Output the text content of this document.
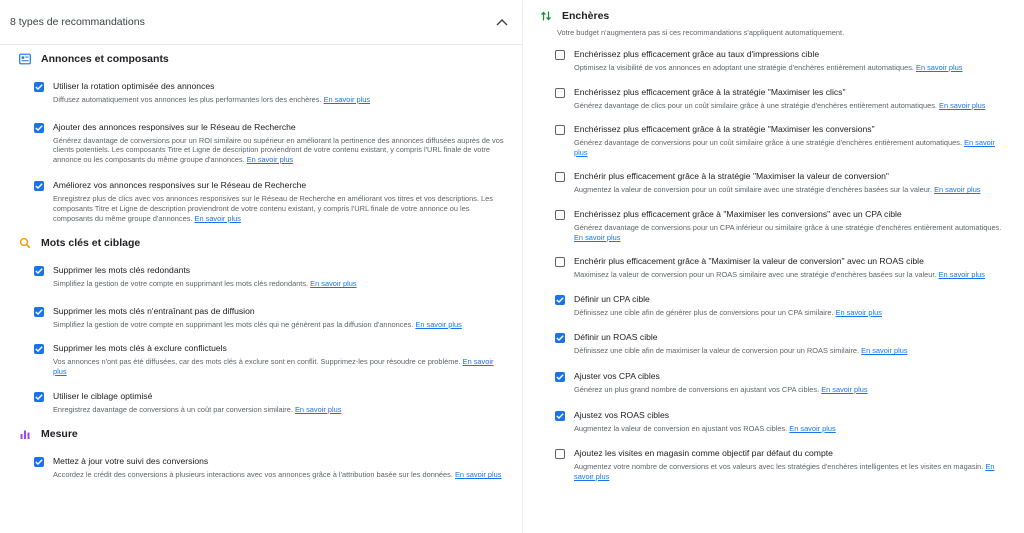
8 types de recommandations
Annonces et composants
Utiliser la rotation optimisée des annonces
Diffusez automatiquement vos annonces les plus performantes lors des enchères. En savoir plus
Ajouter des annonces responsives sur le Réseau de Recherche
Générez davantage de conversions pour un ROI similaire ou supérieur en améliorant la pertinence des annonces diffusées auprès de vos clients potentiels. Les composants Titre et Ligne de description proviendront de votre contenu existant, y compris l'URL finale de votre annonce ou les composants du même groupe d'annonces. En savoir plus
Améliorez vos annonces responsives sur le Réseau de Recherche
Enregistrez plus de clics avec vos annonces responsives sur le Réseau de Recherche en améliorant vos titres et vos descriptions. Les composants Titre et Ligne de description proviendront de votre contenu existant, y compris l'URL finale de votre annonce ou les composants du même groupe d'annonces. En savoir plus
Mots clés et ciblage
Supprimer les mots clés redondants
Simplifiez la gestion de votre compte en supprimant les mots clés redondants. En savoir plus
Supprimer les mots clés n'entraînant pas de diffusion
Simplifiez la gestion de votre compte en supprimant les mots clés qui ne génèrent pas la diffusion d'annonces. En savoir plus
Supprimer les mots clés à exclure conflictuels
Vos annonces n'ont pas été diffusées, car des mots clés à exclure sont en conflit. Supprimez-les pour résoudre ce problème. En savoir plus
Utiliser le ciblage optimisé
Enregistrez davantage de conversions à un coût par conversion similaire. En savoir plus
Mesure
Mettez à jour votre suivi des conversions
Accordez le crédit des conversions à plusieurs interactions avec vos annonces grâce à l'attribution basée sur les données. En savoir plus
Enchères
Votre budget n'augmentera pas si ces recommandations s'appliquent automatiquement.
Enchérissez plus efficacement grâce au taux d'impressions cible
Optimisez la visibilité de vos annonces en adoptant une stratégie d'enchères entièrement automatiques. En savoir plus
Enchérissez plus efficacement grâce à la stratégie "Maximiser les clics"
Générez davantage de clics pour un coût similaire grâce à une stratégie d'enchères entièrement automatiques. En savoir plus
Enchérissez plus efficacement grâce à la stratégie "Maximiser les conversions"
Générez davantage de conversions pour un coût similaire grâce à une stratégie d'enchères entièrement automatiques. En savoir plus
Enchérir plus efficacement grâce à la stratégie "Maximiser la valeur de conversion"
Augmentez la valeur de conversion pour un coût similaire avec une stratégie d'enchères basées sur la valeur. En savoir plus
Enchérissez plus efficacement grâce à "Maximiser les conversions" avec un CPA cible
Générez davantage de conversions pour un CPA inférieur ou similaire grâce à une stratégie d'enchères entièrement automatiques. En savoir plus
Enchérir plus efficacement grâce à "Maximiser la valeur de conversion" avec un ROAS cible
Maximisez la valeur de conversion pour un ROAS similaire avec une stratégie d'enchères basées sur la valeur. En savoir plus
Définir un CPA cible
Définissez une cible afin de générer plus de conversions pour un CPA similaire. En savoir plus
Définir un ROAS cible
Définissez une cible afin de maximiser la valeur de conversion pour un ROAS similaire. En savoir plus
Ajuster vos CPA cibles
Générez un plus grand nombre de conversions en ajustant vos CPA cibles. En savoir plus
Ajustez vos ROAS cibles
Augmentez la valeur de conversion en ajustant vos ROAS cibles. En savoir plus
Ajoutez les visites en magasin comme objectif par défaut du compte
Augmentez votre nombre de conversions et vos valeurs avec les stratégies d'enchères intelligentes et les visites en magasin. En savoir plus
